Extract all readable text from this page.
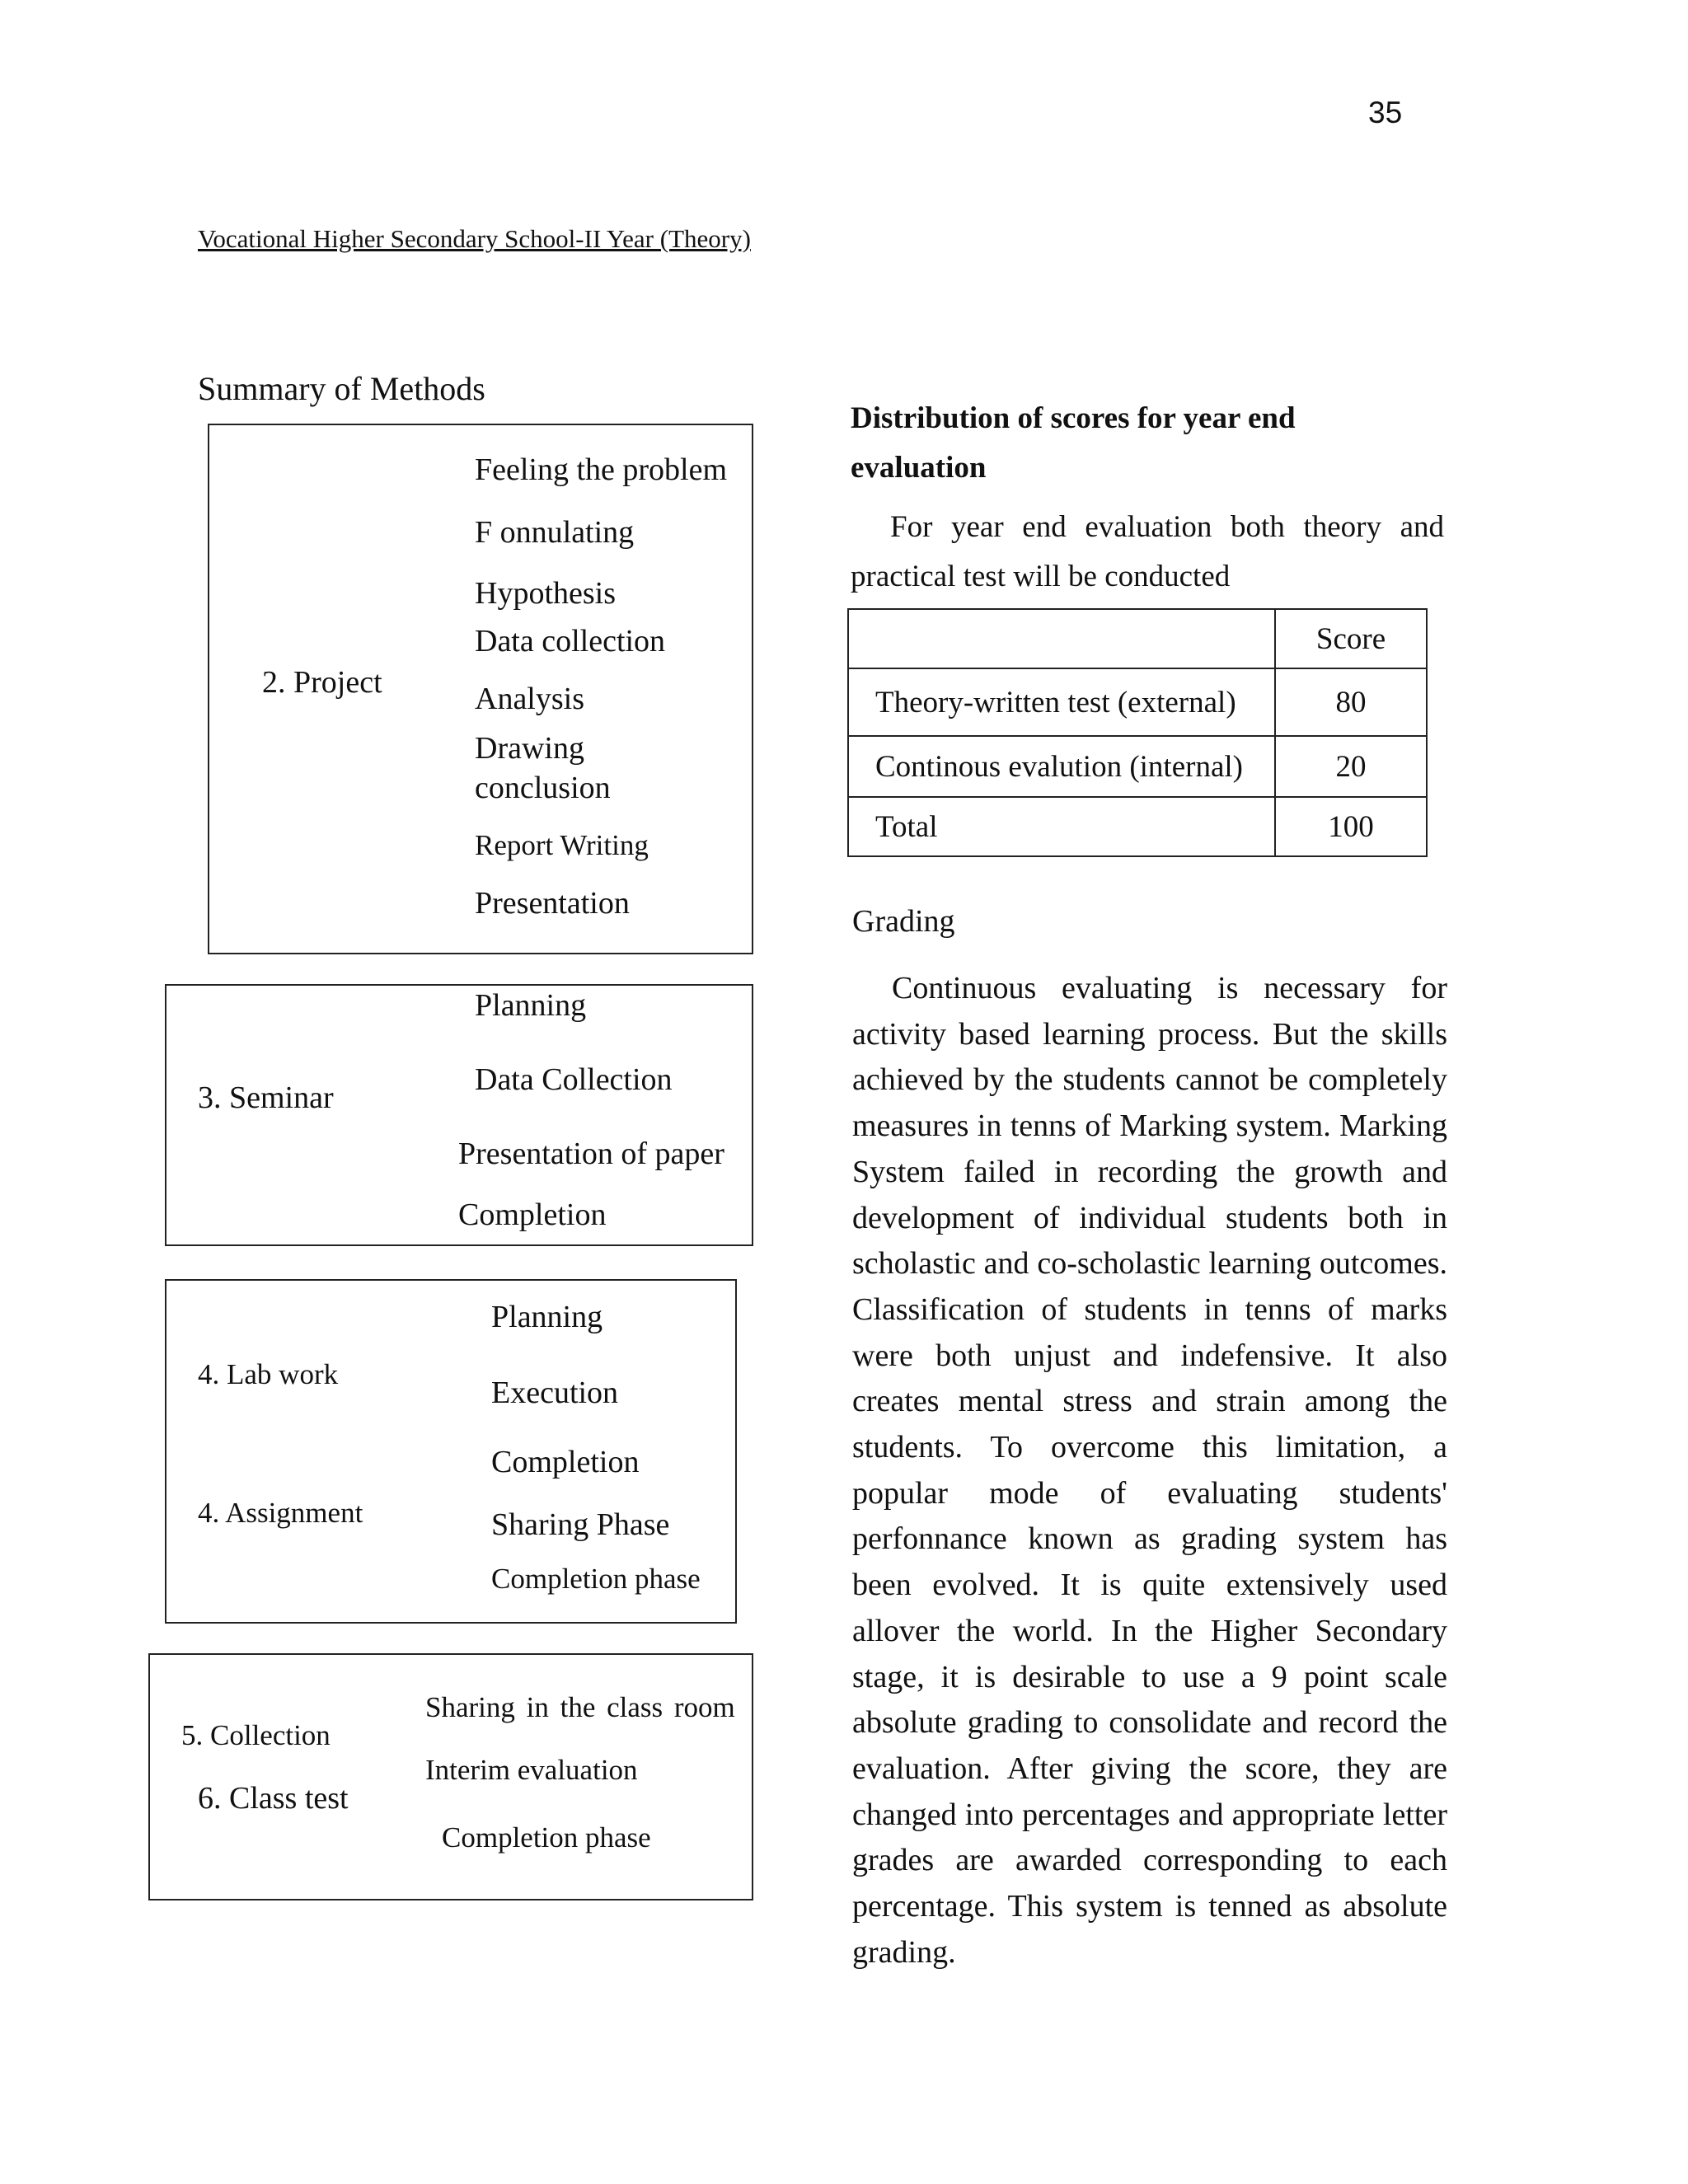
35
Vocational Higher Secondary School-II Year (Theory)
Summary of Methods
2. Project
Feeling the problem
F onnulating
Hypothesis
Data collection
Analysis
Drawing
conclusion
Report Writing
Presentation
3. Seminar
Planning
Data Collection
Presentation of paper
Completion
4. Lab work
4. Assignment
Planning
Execution
Completion
Sharing Phase
Completion phase
5. Collection
6. Class test
Sharing in the class room
Interim evaluation
Completion phase
Distribution of scores for year end evaluation
For year end evaluation both theory and practical test will be conducted
	Score
Theory-written test (external)	80
Continous evalution (internal)	20
Total	100
Grading
Continuous evaluating is necessary for activity based learning process. But the skills achieved by the students cannot be completely measures in tenns of Marking system. Marking System failed in recording the growth and development of individual students both in scholastic and co-scholastic learning outcomes. Classification of students in tenns of marks were both unjust and indefensive. It also creates mental stress and strain among the students. To overcome this limitation, a popular mode of evaluating students' perfonnance known as grading system has been evolved. It is quite extensively used allover the world. In the Higher Secondary stage, it is desirable to use a 9 point scale absolute grading to consolidate and record the evaluation. After giving the score, they are changed into percentages and appropriate letter grades are awarded corresponding to each percentage. This system is tenned as absolute grading.
